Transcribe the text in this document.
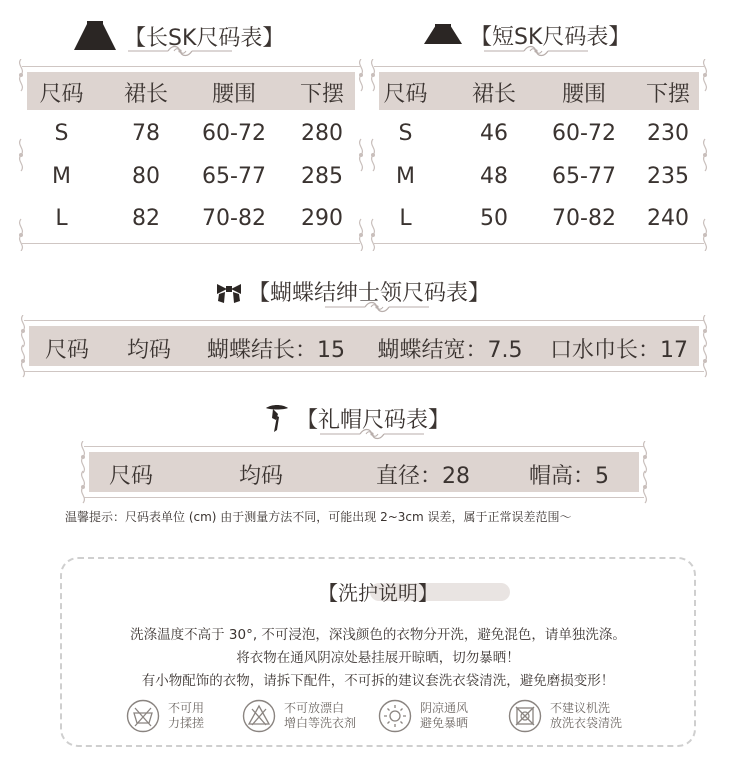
【长SK尺码表】
尺码	裙长	腰围	下摆
S	78	60-72	280
M	80	65-77	285
L	82	70-82	290
【短SK尺码表】
尺码	裙长	腰围	下摆
S	46	60-72	230
M	48	65-77	235
L	50	70-82	240
【蝴蝶结绅士领尺码表】
尺码	均码	蝴蝶结长：15	蝴蝶结宽：7.5	口水巾长：17
【礼帽尺码表】
尺码	均码	直径：28	帽高：5
温馨提示：尺码表单位 (cm) 由于测量方法不同，可能出现 2~3cm 误差，属于正常误差范围～
【洗护说明】
洗涤温度不高于 30°, 不可浸泡，深浅颜色的衣物分开洗，避免混色，请单独洗涤。
将衣物在通风阴凉处悬挂展开晾晒，切勿暴晒！
有小物配饰的衣物，请拆下配件，不可拆的建议套洗衣袋清洗，避免磨损变形！
不可用
力揉搓
不可放漂白
增白等洗衣剂
阴凉通风
避免暴晒
不建议机洗
放洗衣袋清洗
